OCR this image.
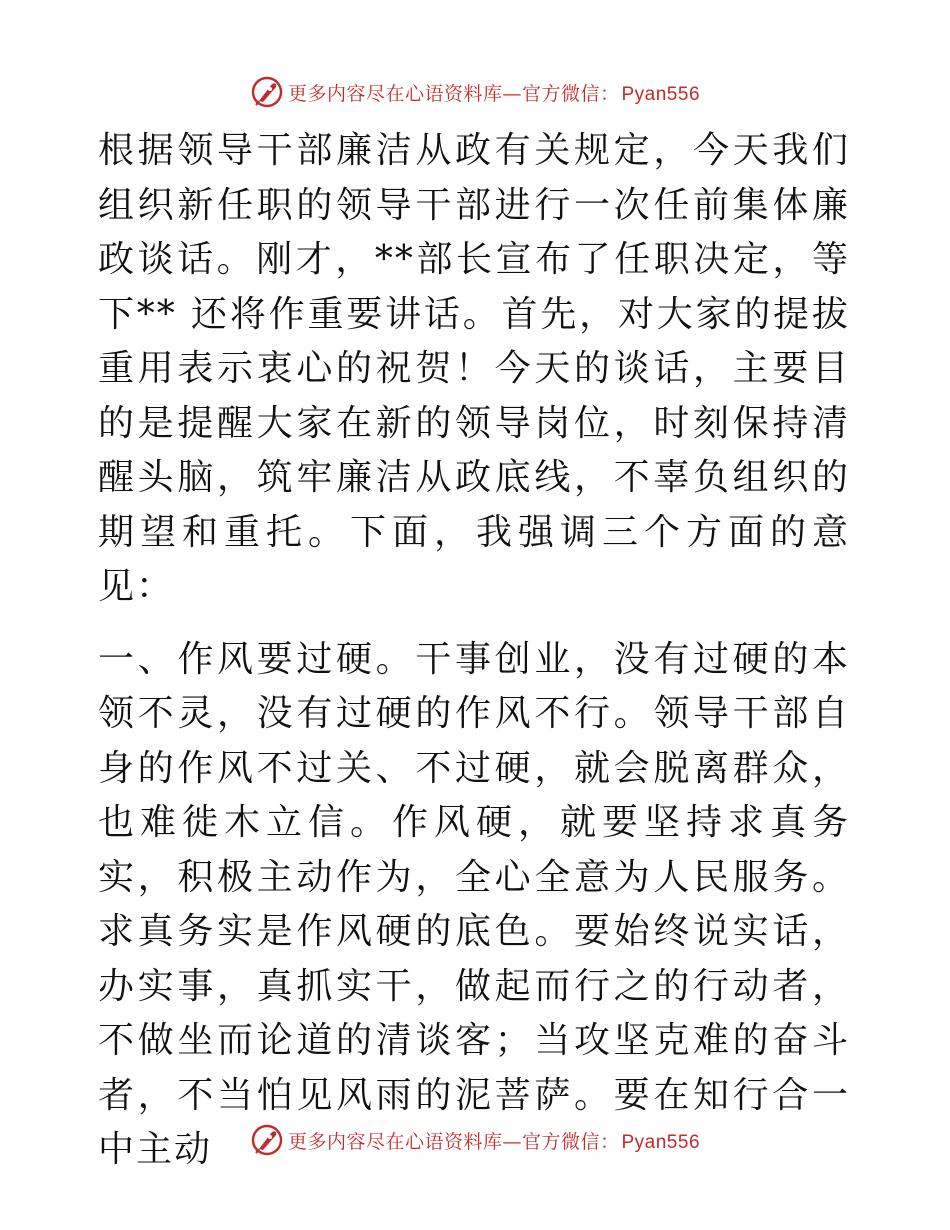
更多内容尽在心语资料库—官方微信： Pyan556

根据领导干部廉洁从政有关规定，今天我们组织新任职的领导干部进行一次任前集体廉政谈话。刚才，**部长宣布了任职决定，等下** 还将作重要讲话。首先，对大家的提拔重用表示衷心的祝贺！今天的谈话，主要目的是提醒大家在新的领导岗位，时刻保持清醒头脑，筑牢廉洁从政底线，不辜负组织的期望和重托。下面，我强调三个方面的意见：

一、作风要过硬。干事创业，没有过硬的本领不灵，没有过硬的作风不行。领导干部自身的作风不过关、不过硬，就会脱离群众，也难徙木立信。作风硬，就要坚持求真务实，积极主动作为，全心全意为人民服务。求真务实是作风硬的底色。要始终说实话，办实事，真抓实干，做起而行之的行动者，不做坐而论道的清谈客；当攻坚克难的奋斗者，不当怕见风雨的泥菩萨。要在知行合一中主动	更多内容尽在心语资料库—官方微信： Pyan556
